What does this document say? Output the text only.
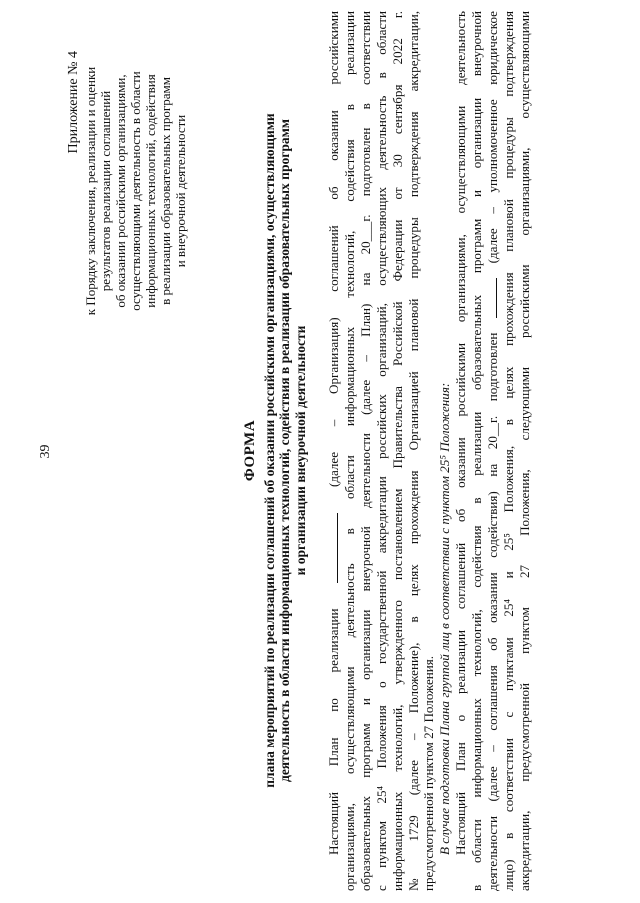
39
Приложение № 4 к Порядку заключения, реализации и оценки результатов реализации соглашений об оказании российскими организациями, осуществляющими деятельность в области информационных технологий, содействия в реализации образовательных программ и внеурочной деятельности
ФОРМА плана мероприятий по реализации соглашений об оказании российскими организациями, осуществляющими деятельность в области информационных технологий, содействия в реализации образовательных программ и организации внеурочной деятельности
Настоящий План по реализации  (далее – Организация) соглашений об оказании российскими организациями, осуществляющими деятельность в области информационных технологий, содействия в реализации образовательных программ и организации внеурочной деятельности (далее – План) на 20___г. подготовлен в соответствии с пунктом 25⁴ Положения о государственной аккредитации российских организаций, осуществляющих деятельность в области информационных технологий, утвержденного постановлением Правительства Российской Федерации от 30 сентября 2022 г. № 1729 (далее – Положение), в целях прохождения Организацией плановой процедуры подтверждения аккредитации, предусмотренной пунктом 27 Положения. В случае подготовки Плана группой лиц в соответствии с пунктом 25⁵ Положения: Настоящий План о реализации соглашений об оказании российскими организациями, осуществляющими деятельность в области информационных технологий, содействия в реализации образовательных программ и организации внеурочной деятельности (далее – соглашения об оказании содействия) на 20__г. подготовлен  (далее – уполномоченное юридическое лицо) в соответствии с пунктами 25⁴ и 25⁵ Положения, в целях прохождения плановой процедуры подтверждения аккредитации, предусмотренной пунктом 27 Положения, следующими российскими организациями, осуществляющими
